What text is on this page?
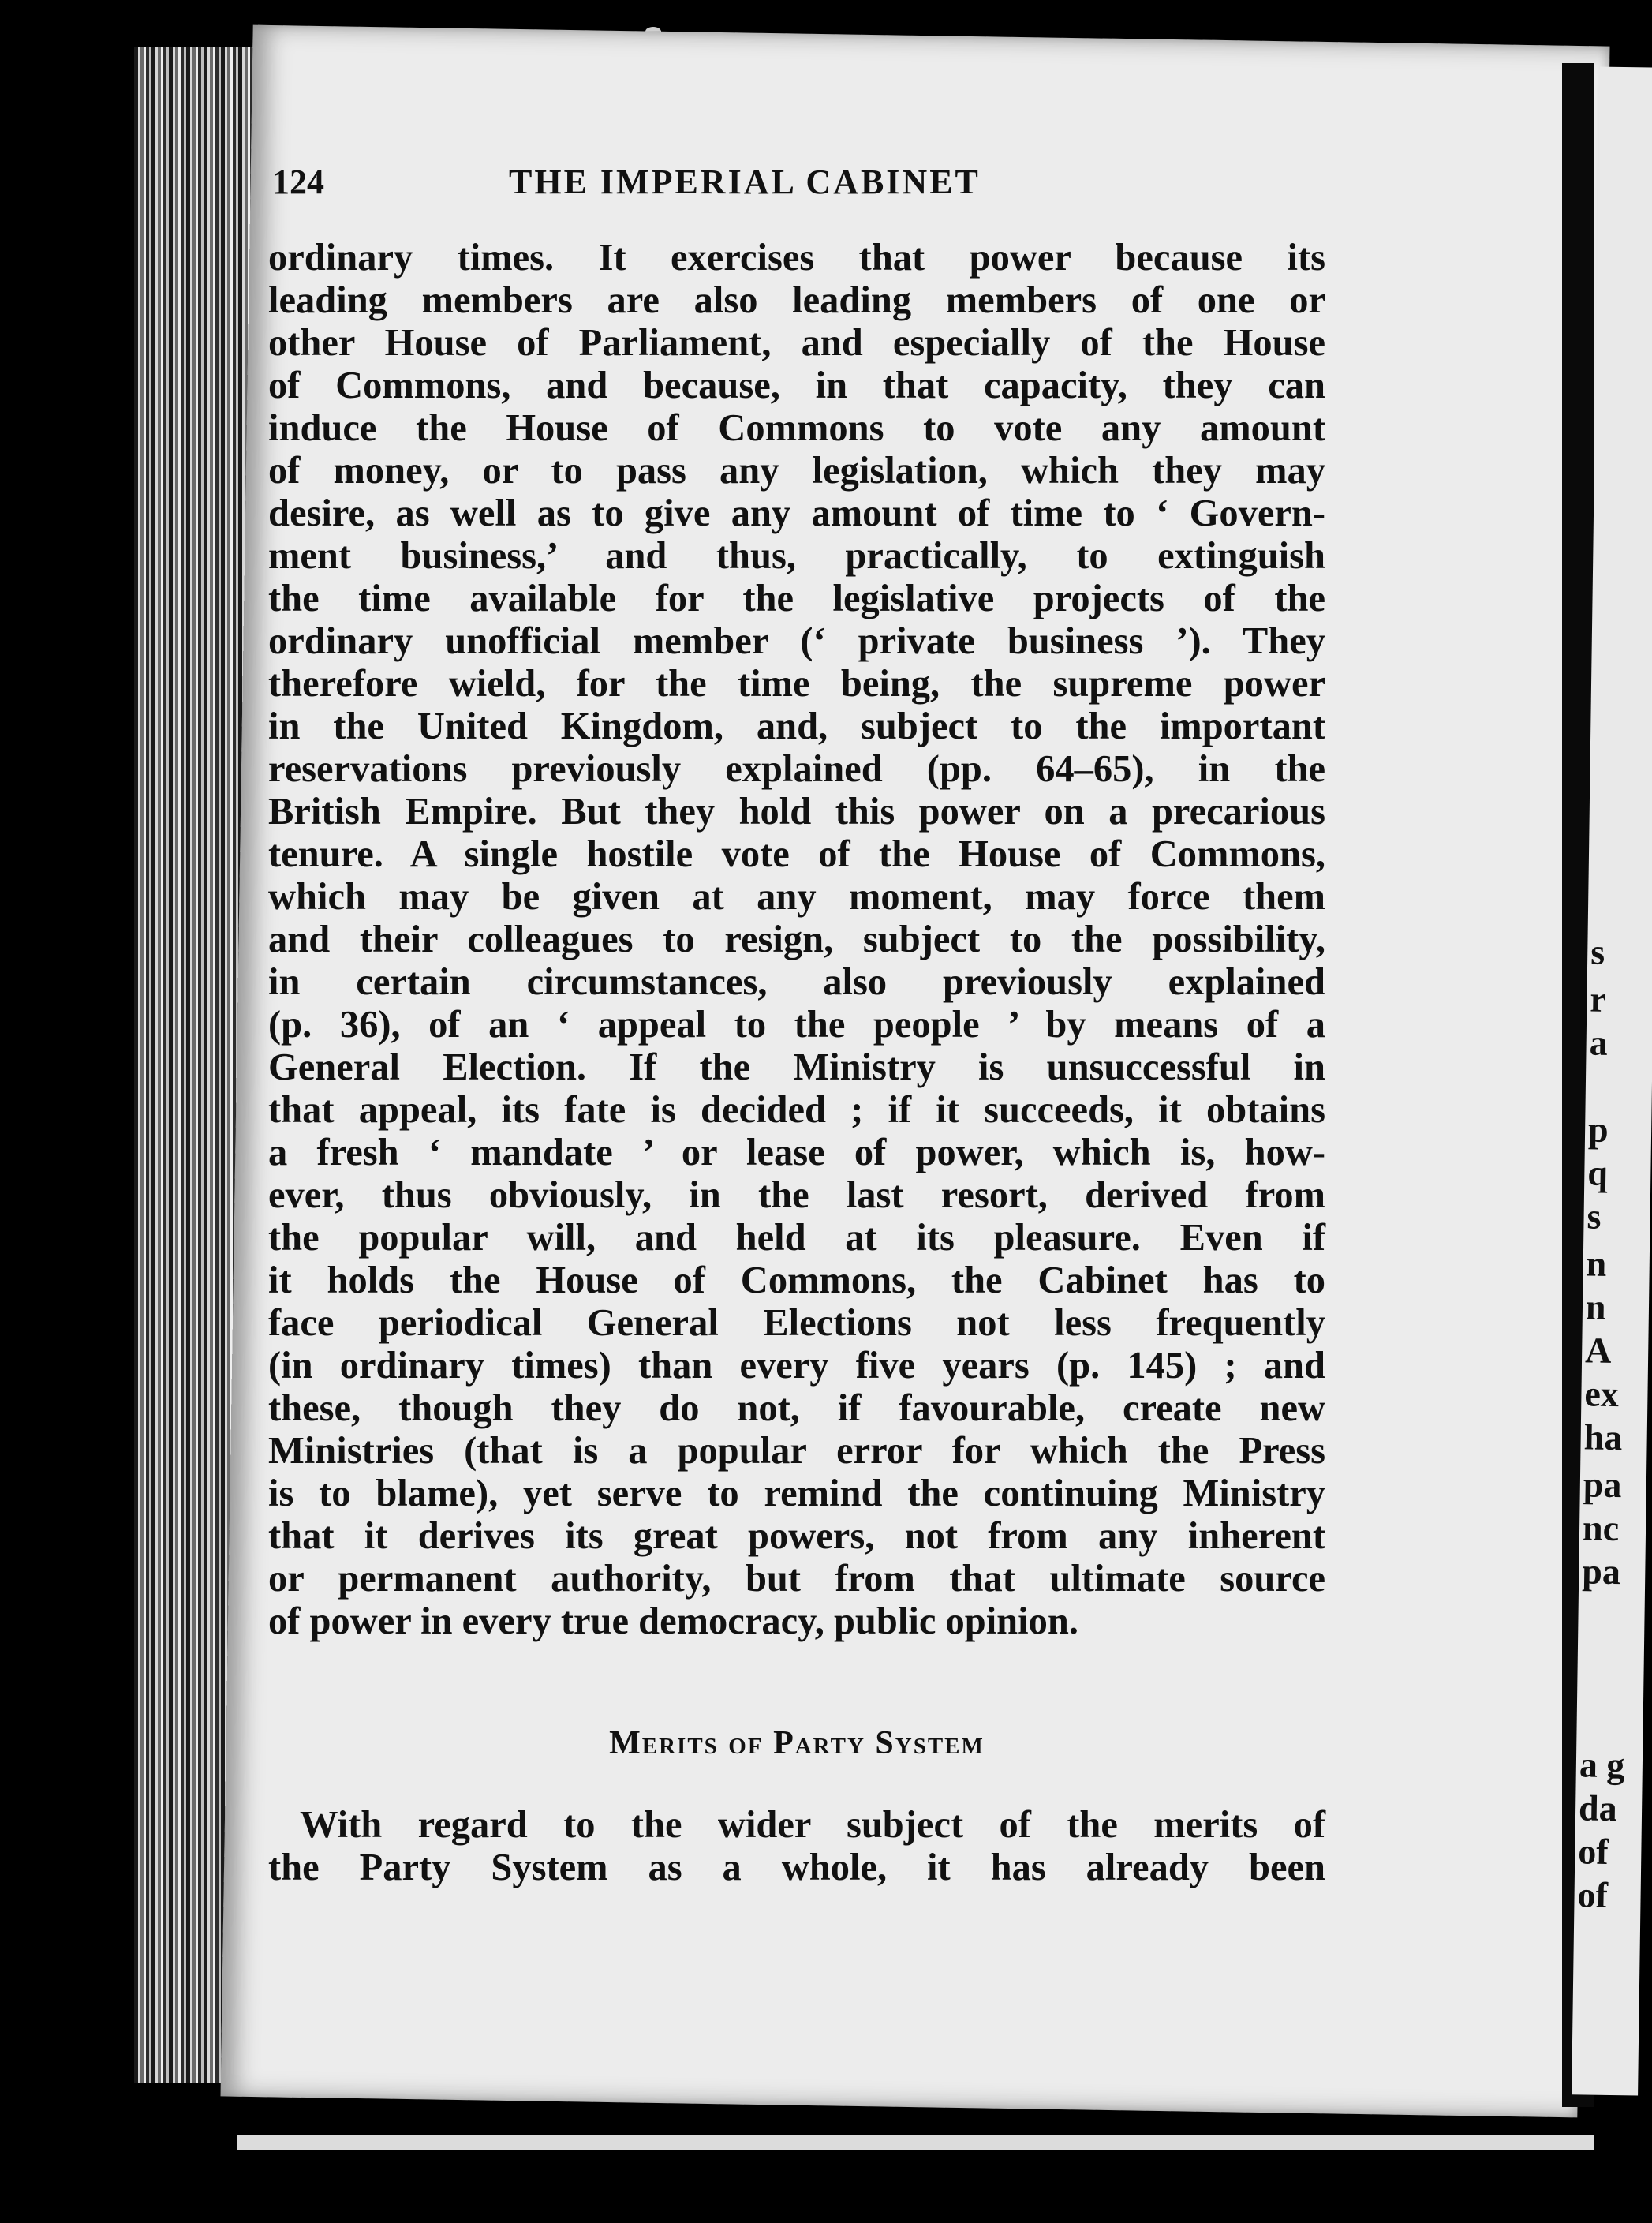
124	THE IMPERIAL CABINET
ordinary times. It exercises that power because its
leading members are also leading members of one or
other House of Parliament, and especially of the House
of Commons, and because, in that capacity, they can
induce the House of Commons to vote any amount
of money, or to pass any legislation, which they may
desire, as well as to give any amount of time to ‘ Govern-
ment business,’ and thus, practically, to extinguish
the time available for the legislative projects of the
ordinary unofficial member (‘ private business ’). They
therefore wield, for the time being, the supreme power
in the United Kingdom, and, subject to the important
reservations previously explained (pp. 64–65), in the
British Empire. But they hold this power on a precarious
tenure. A single hostile vote of the House of Commons,
which may be given at any moment, may force them
and their colleagues to resign, subject to the possibility,
in certain circumstances, also previously explained
(p. 36), of an ‘ appeal to the people ’ by means of a
General Election. If the Ministry is unsuccessful in
that appeal, its fate is decided ; if it succeeds, it obtains
a fresh ‘ mandate ’ or lease of power, which is, how-
ever, thus obviously, in the last resort, derived from
the popular will, and held at its pleasure. Even if
it holds the House of Commons, the Cabinet has to
face periodical General Elections not less frequently
(in ordinary times) than every five years (p. 145) ; and
these, though they do not, if favourable, create new
Ministries (that is a popular error for which the Press
is to blame), yet serve to remind the continuing Ministry
that it derives its great powers, not from any inherent
or permanent authority, but from that ultimate source
of power in every true democracy, public opinion.
Merits of Party System
With regard to the wider subject of the merits of
the Party System as a whole, it has already been
s
r
a
p
q
s
n
n
A
ex
ha
pa
nc
pa
a g
da
of
of
